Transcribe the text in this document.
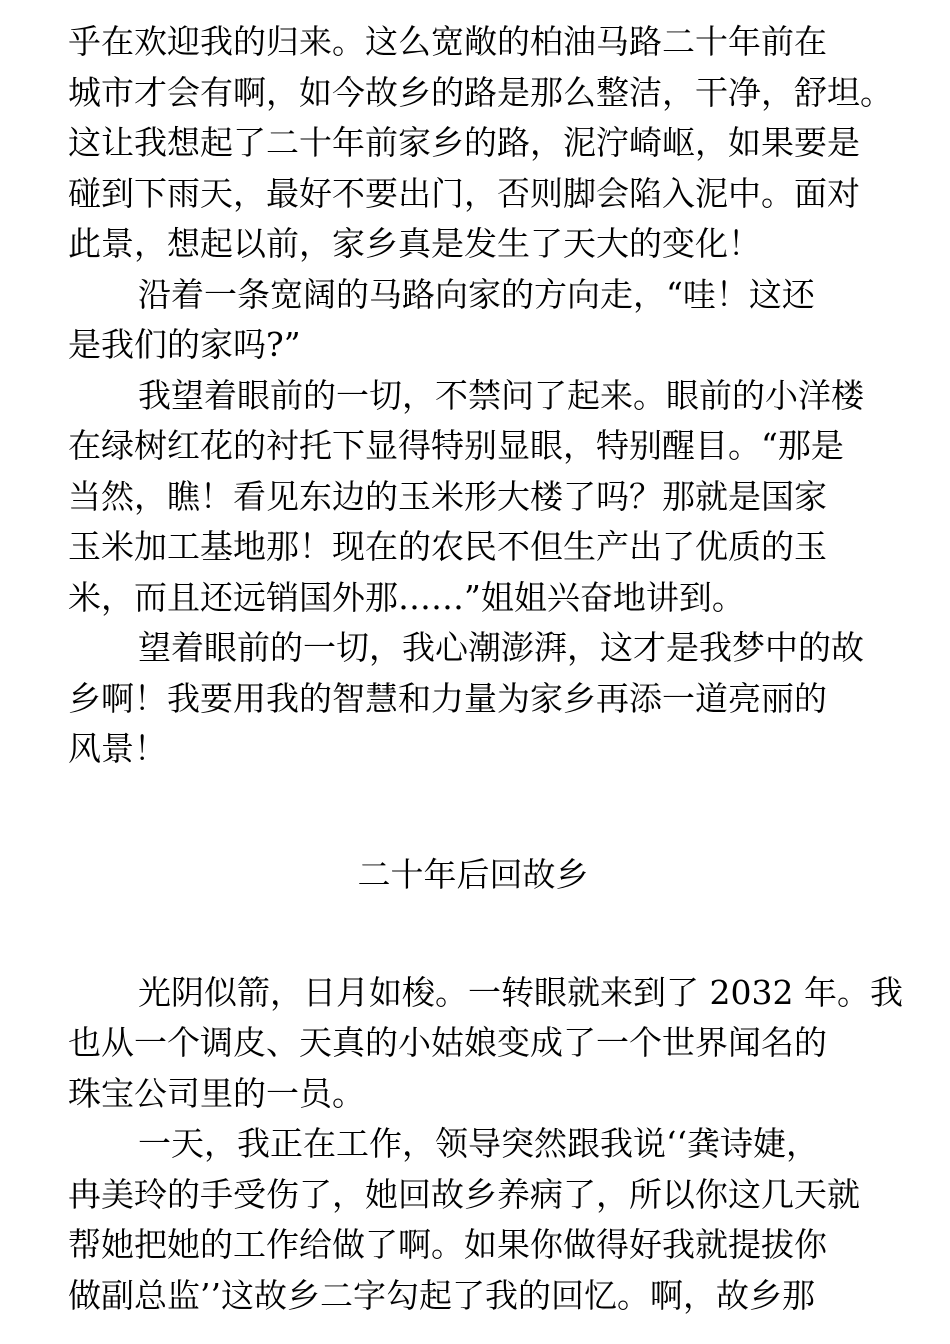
乎在欢迎我的归来。这么宽敞的柏油马路二十年前在
城市才会有啊，如今故乡的路是那么整洁，干净，舒坦。
这让我想起了二十年前家乡的路，泥泞崎岖，如果要是
碰到下雨天，最好不要出门，否则脚会陷入泥中。面对
此景，想起以前，家乡真是发生了天大的变化！
沿着一条宽阔的马路向家的方向走，“哇！这还
是我们的家吗?”
我望着眼前的一切，不禁问了起来。眼前的小洋楼
在绿树红花的衬托下显得特别显眼，特别醒目。“那是
当然，瞧！看见东边的玉米形大楼了吗？那就是国家
玉米加工基地那！现在的农民不但生产出了优质的玉
米，而且还远销国外那……”姐姐兴奋地讲到。
望着眼前的一切，我心潮澎湃，这才是我梦中的故
乡啊！我要用我的智慧和力量为家乡再添一道亮丽的
风景！
二十年后回故乡
光阴似箭，日月如梭。一转眼就来到了 2032 年。我
也从一个调皮、天真的小姑娘变成了一个世界闻名的
珠宝公司里的一员。
一天，我正在工作，领导突然跟我说‘‘龚诗婕，
冉美玲的手受伤了，她回故乡养病了，所以你这几天就
帮她把她的工作给做了啊。如果你做得好我就提拔你
做副总监’’这故乡二字勾起了我的回忆。啊，故乡那
